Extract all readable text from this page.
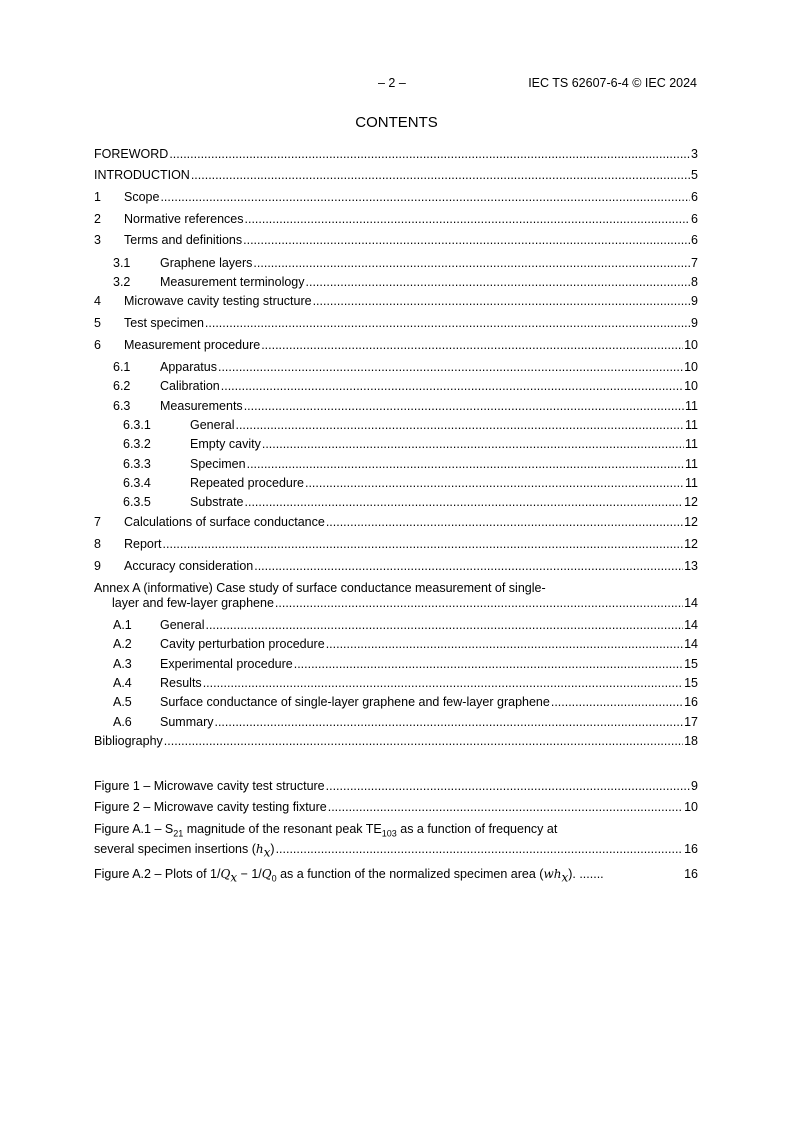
– 2 –	IEC TS 62607-6-4 © IEC 2024
CONTENTS
FOREWORD .....	3
INTRODUCTION .....	5
1	Scope .....	6
2	Normative references .....	6
3	Terms and definitions .....	6
3.1	Graphene layers .....	7
3.2	Measurement terminology .....	8
4	Microwave cavity testing structure .....	9
5	Test specimen .....	9
6	Measurement procedure .....	10
6.1	Apparatus .....	10
6.2	Calibration .....	10
6.3	Measurements .....	11
6.3.1	General .....	11
6.3.2	Empty cavity .....	11
6.3.3	Specimen .....	11
6.3.4	Repeated procedure .....	11
6.3.5	Substrate .....	12
7	Calculations of surface conductance .....	12
8	Report .....	12
9	Accuracy consideration .....	13
Annex A (informative) Case study of surface conductance measurement of single-
layer and few-layer graphene .....	14
A.1	General .....	14
A.2	Cavity perturbation procedure .....	14
A.3	Experimental procedure .....	15
A.4	Results .....	15
A.5	Surface conductance of single-layer graphene and few-layer graphene .....	16
A.6	Summary .....	17
Bibliography .....	18
Figure 1 – Microwave cavity test structure .....	9
Figure 2 – Microwave cavity testing fixture .....	10
Figure $A.1 - S_{21}$ magnitude of the resonant peak $TE_{103}$ as a function of frequency at
several specimen insertions $(h_x)$ .....	16
Figure A.2 – Plots of $1/Q_x - 1/Q_0$ as a function of the normalized specimen area $(wh_x)$. .......	16
